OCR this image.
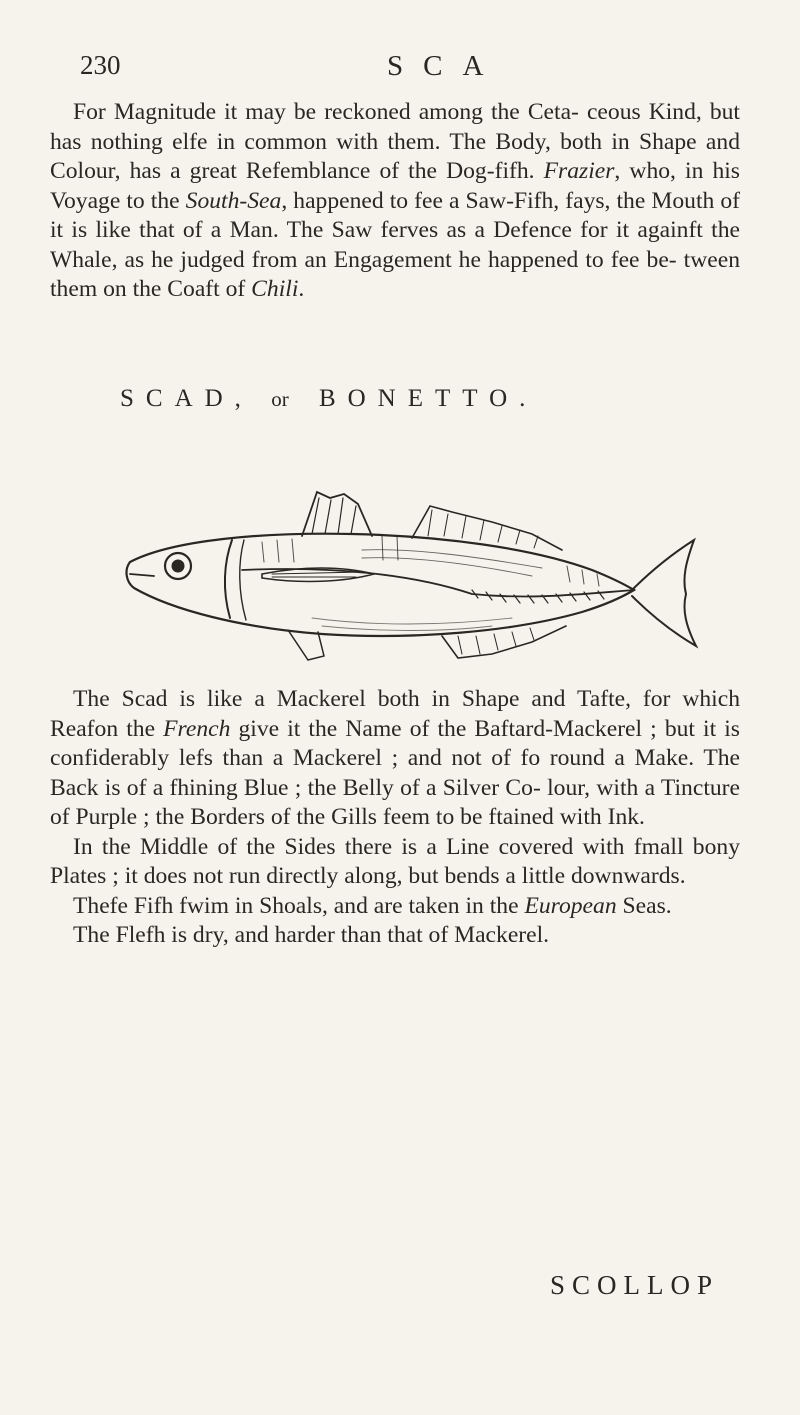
230	SCA

For Magnitude it may be reckoned among the Ceta- ceous Kind, but has nothing elfe in common with them. The Body, both in Shape and Colour, has a great Refemblance of the Dog-fifh. Frazier, who, in his Voyage to the South-Sea, happened to fee a Saw-Fifh, fays, the Mouth of it is like that of a Man. The Saw ferves as a Defence for it againft the Whale, as he judged from an Engagement he happened to fee be- tween them on the Coaft of Chili.

SCAD, or BONETTO.

The Scad is like a Mackerel both in Shape and Tafte, for which Reafon the French give it the Name of the Baftard-Mackerel ; but it is confiderably lefs than a Mackerel ; and not of fo round a Make. The Back is of a fhining Blue ; the Belly of a Silver Co- lour, with a Tincture of Purple ; the Borders of the Gills feem to be ftained with Ink.

In the Middle of the Sides there is a Line covered with fmall bony Plates ; it does not run directly along, but bends a little downwards.

Thefe Fifh fwim in Shoals, and are taken in the European Seas.

The Flefh is dry, and harder than that of Mackerel.

SCOLLOP
